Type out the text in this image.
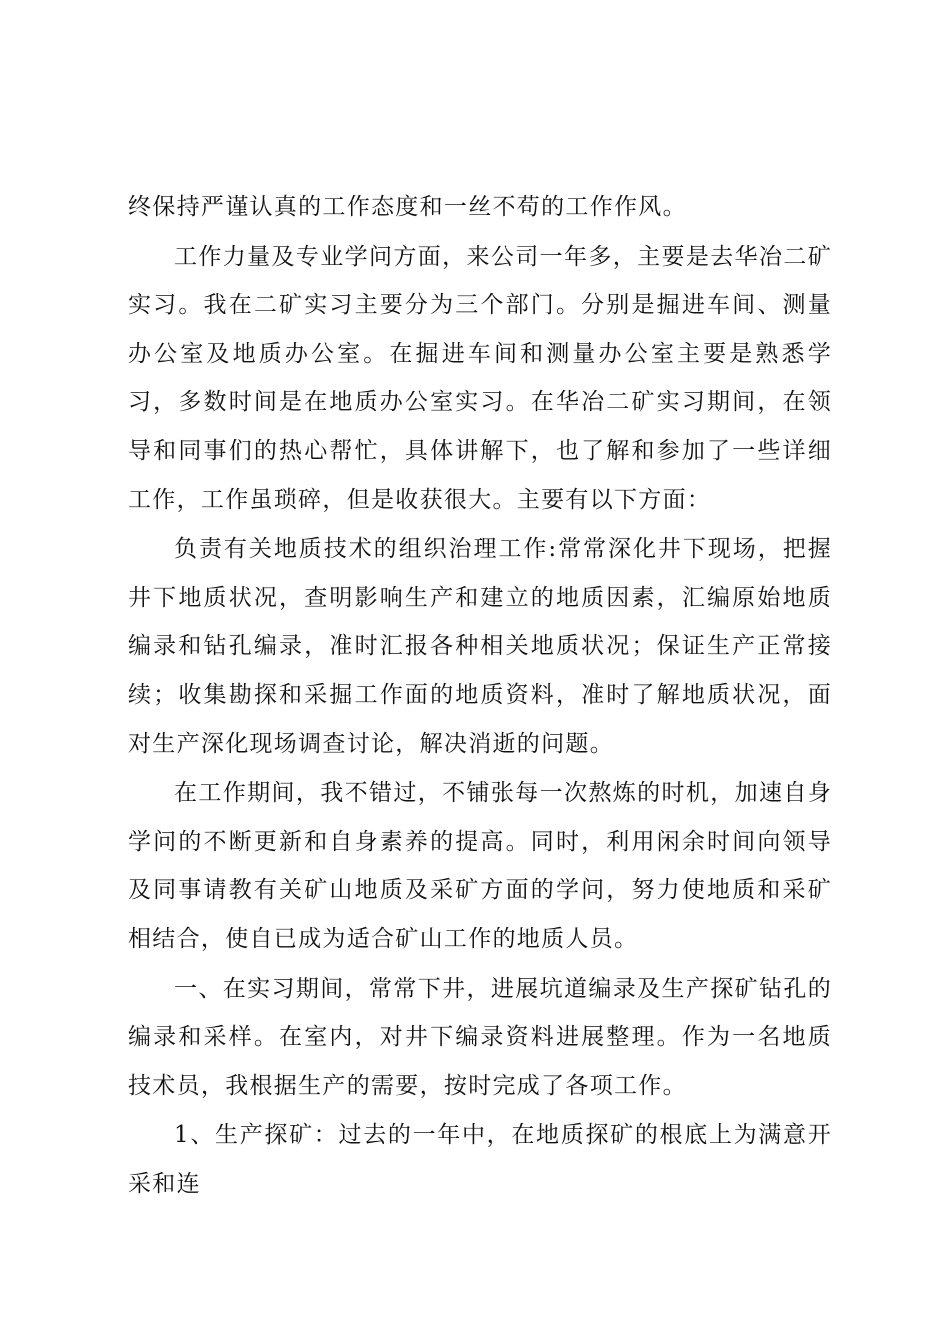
终保持严谨认真的工作态度和一丝不苟的工作作风。

工作力量及专业学问方面，来公司一年多，主要是去华冶二矿实习。我在二矿实习主要分为三个部门。分别是掘进车间、测量办公室及地质办公室。在掘进车间和测量办公室主要是熟悉学习，多数时间是在地质办公室实习。在华冶二矿实习期间，在领导和同事们的热心帮忙，具体讲解下，也了解和参加了一些详细工作，工作虽琐碎，但是收获很大。主要有以下方面：

负责有关地质技术的组织治理工作:常常深化井下现场，把握井下地质状况，查明影响生产和建立的地质因素，汇编原始地质编录和钻孔编录，准时汇报各种相关地质状况；保证生产正常接续；收集勘探和采掘工作面的地质资料，准时了解地质状况，面对生产深化现场调查讨论，解决消逝的问题。

在工作期间，我不错过，不铺张每一次熬炼的时机，加速自身学问的不断更新和自身素养的提高。同时，利用闲余时间向领导及同事请教有关矿山地质及采矿方面的学问，努力使地质和采矿相结合，使自已成为适合矿山工作的地质人员。

一、在实习期间，常常下井，进展坑道编录及生产探矿钻孔的编录和采样。在室内，对井下编录资料进展整理。作为一名地质技术员，我根据生产的需要，按时完成了各项工作。

1、生产探矿：过去的一年中，在地质探矿的根底上为满意开采和连
